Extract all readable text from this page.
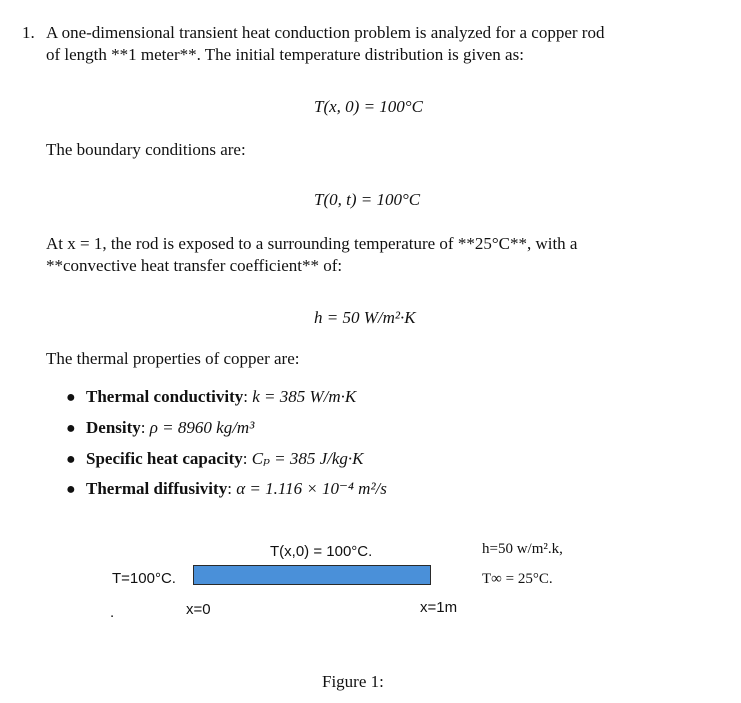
1. A one-dimensional transient heat conduction problem is analyzed for a copper rod
of length **1 meter**. The initial temperature distribution is given as:
T(x, 0) = 100°C
The boundary conditions are:
T(0, t) = 100°C
At x = 1, the rod is exposed to a surrounding temperature of **25°C**, with a
**convective heat transfer coefficient** of:
h = 50 W/m²·K
The thermal properties of copper are:
● Thermal conductivity: k = 385 W/m·K
● Density: ρ = 8960 kg/m³
● Specific heat capacity: Cₚ = 385 J/kg·K
● Thermal diffusivity: α = 1.116 × 10⁻⁴ m²/s
T(x,0) = 100°C.	h=50 w/m².k,
T=100°C.	T∞ = 25°C.
x=0	x=1m
.
Figure 1:
